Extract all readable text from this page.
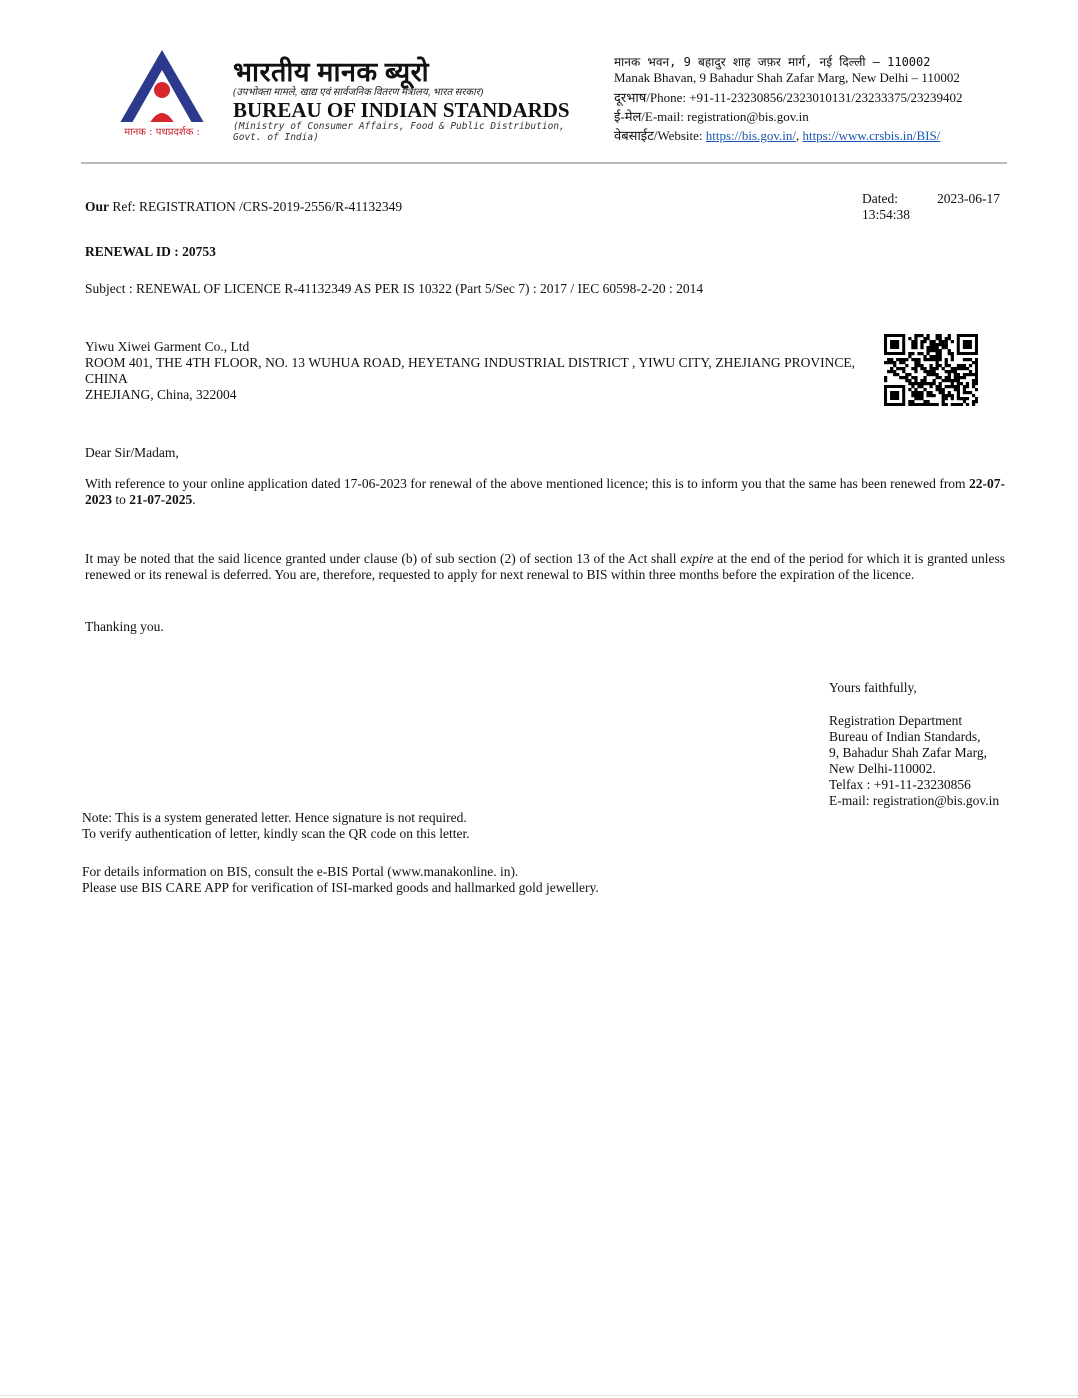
मानक : पथप्रदर्शक :
भारतीय मानक ब्यूरो
(उपभोक्ता मामले, खाद्य एवं सार्वजनिक वितरण मंत्रालय, भारत सरकार)
BUREAU OF INDIAN STANDARDS
(Ministry of Consumer Affairs, Food & Public Distribution, Govt. of India)
मानक भवन, 9 बहादुर शाह जफ़र मार्ग, नई दिल्ली – 110002
Manak Bhavan, 9 Bahadur Shah Zafar Marg, New Delhi – 110002
दूरभाष/Phone: +91-11-23230856/2323010131/23233375/23239402
ई-मेल/E-mail: registration@bis.gov.in
वेबसाईट/Website: https://bis.gov.in/, https://www.crsbis.in/BIS/
Our Ref: REGISTRATION /CRS-2019-2556/R-41132349
Dated:	2023-06-17
13:54:38
RENEWAL ID : 20753
Subject : RENEWAL OF LICENCE R-41132349 AS PER IS 10322 (Part 5/Sec 7) : 2017 / IEC 60598-2-20 : 2014
Yiwu Xiwei Garment Co., Ltd
ROOM 401, THE 4TH FLOOR, NO. 13 WUHUA ROAD, HEYETANG INDUSTRIAL DISTRICT , YIWU CITY, ZHEJIANG PROVINCE, CHINA
ZHEJIANG, China, 322004
Dear Sir/Madam,
With reference to your online application dated 17-06-2023 for renewal of the above mentioned licence; this is to inform you that the same has been renewed from 22-07-2023 to 21-07-2025.
It may be noted that the said licence granted under clause (b) of sub section (2) of section 13 of the Act shall expire at the end of the period for which it is granted unless renewed or its renewal is deferred. You are, therefore, requested to apply for next renewal to BIS within three months before the expiration of the licence.
Thanking you.
Yours faithfully,
Registration Department
Bureau of Indian Standards,
9, Bahadur Shah Zafar Marg,
New Delhi-110002.
Telfax : +91-11-23230856
E-mail: registration@bis.gov.in
Note: This is a system generated letter. Hence signature is not required.
To verify authentication of letter, kindly scan the QR code on this letter.
For details information on BIS, consult the e-BIS Portal (www.manakonline. in).
Please use BIS CARE APP for verification of ISI-marked goods and hallmarked gold jewellery.
